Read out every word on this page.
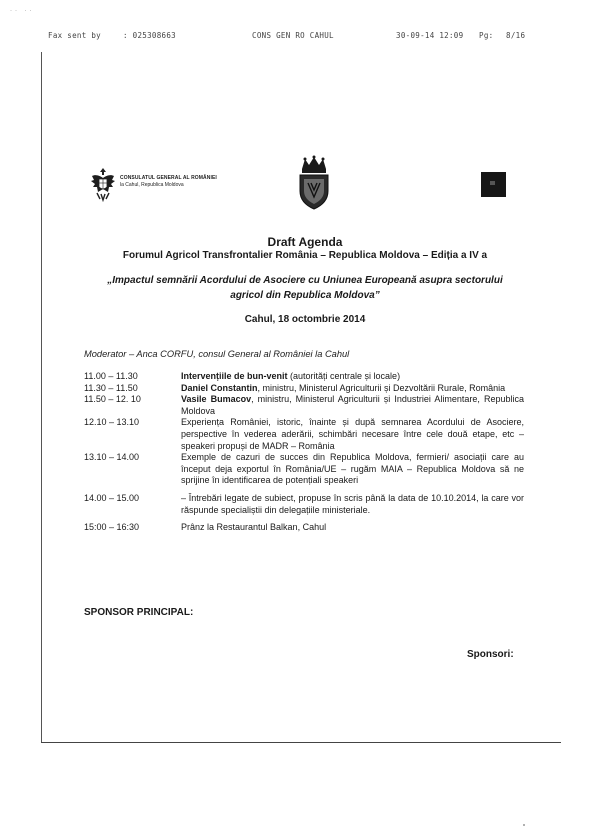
·· ··
Fax sent by	: 025308663	CONS GEN RO CAHUL	30-09-14 12:09 Pg: 8/16
CONSULATUL GENERAL AL ROMÂNIEI
la Cahul, Republica Moldova
Draft Agenda
Forumul Agricol Transfrontalier România – Republica Moldova – Ediția a IV a
„Impactul semnării Acordului de Asociere cu Uniunea Europeană asupra sectorului
agricol din Republica Moldova”
Cahul, 18 octombrie 2014
Moderator – Anca CORFU, consul General al României la Cahul
11.00 – 11.30	Intervențiile de bun-venit (autorități centrale și locale)
11.30 – 11.50	Daniel Constantin, ministru, Ministerul Agriculturii și Dezvoltării Rurale, România
11.50 – 12. 10	Vasile Bumacov, ministru, Ministerul Agriculturii și Industriei Alimentare, Republica Moldova
12.10 – 13.10	Experiența României, istoric, înainte și după semnarea Acordului de Asociere, perspective în vederea aderării, schimbări necesare între cele două etape, etc – speakeri propuși de MADR – România
13.10 – 14.00	Exemple de cazuri de succes din Republica Moldova, fermieri/ asociații care au început deja exportul în România/UE – rugăm MAIA – Republica Moldova să ne sprijine în identificarea de potențiali speakeri
14.00 – 15.00	– Întrebări legate de subiect, propuse în scris până la data de 10.10.2014, la care vor răspunde specialiștii din delegațiile ministeriale.
15:00 – 16:30	Prânz la Restaurantul Balkan, Cahul
SPONSOR PRINCIPAL:
Sponsori:
